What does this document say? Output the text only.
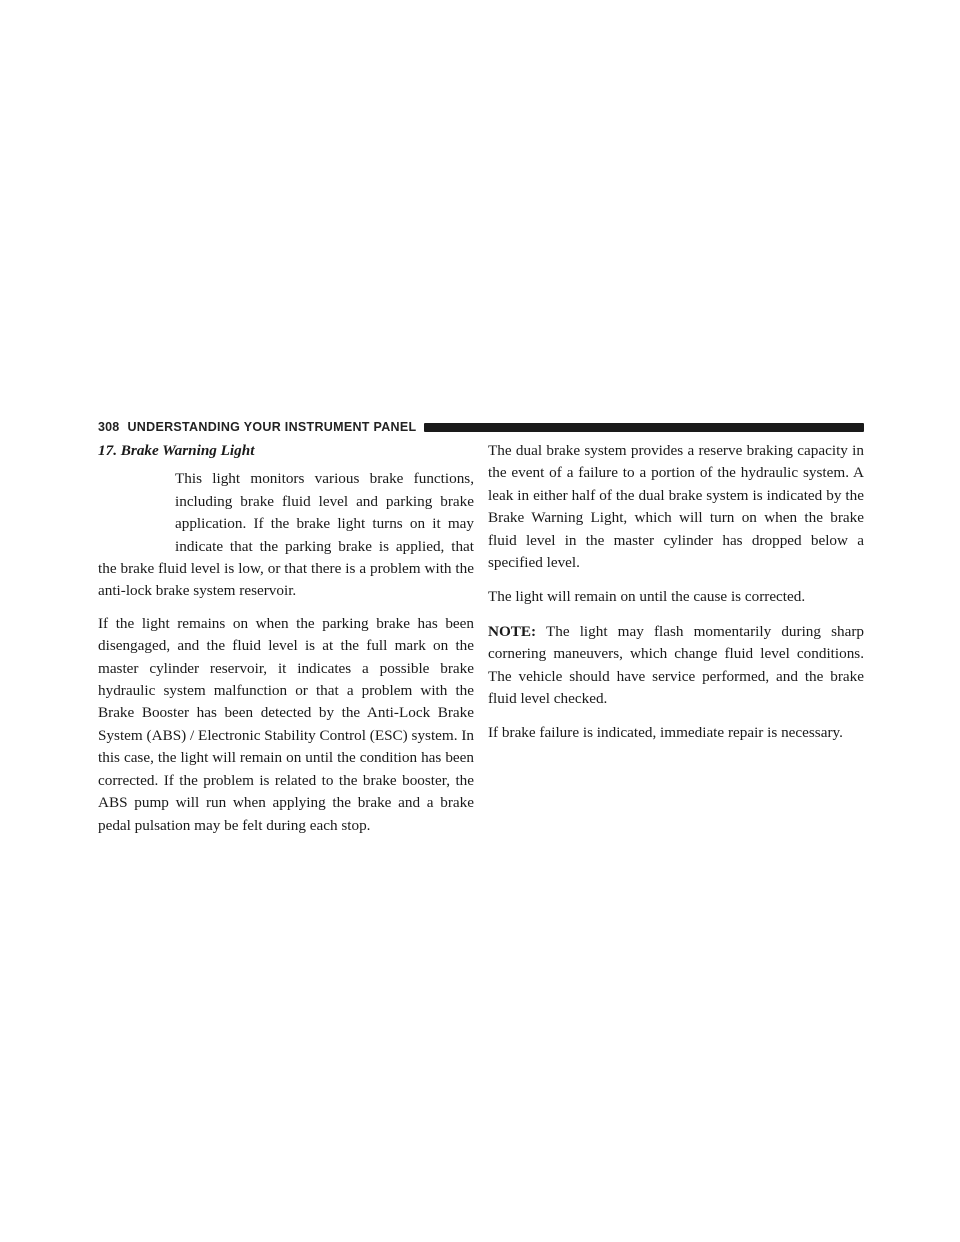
308 UNDERSTANDING YOUR INSTRUMENT PANEL
17. Brake Warning Light

This light monitors various brake functions, including brake fluid level and parking brake application. If the brake light turns on it may indicate that the parking brake is applied, that the brake fluid level is low, or that there is a problem with the anti-lock brake system reservoir.

If the light remains on when the parking brake has been disengaged, and the fluid level is at the full mark on the master cylinder reservoir, it indicates a possible brake hydraulic system malfunction or that a problem with the Brake Booster has been detected by the Anti-Lock Brake System (ABS) / Electronic Stability Control (ESC) system. In this case, the light will remain on until the condition has been corrected. If the problem is related to the brake booster, the ABS pump will run when applying the brake and a brake pedal pulsation may be felt during each stop.

The dual brake system provides a reserve braking capacity in the event of a failure to a portion of the hydraulic system. A leak in either half of the dual brake system is indicated by the Brake Warning Light, which will turn on when the brake fluid level in the master cylinder has dropped below a specified level.

The light will remain on until the cause is corrected.

NOTE: The light may flash momentarily during sharp cornering maneuvers, which change fluid level conditions. The vehicle should have service performed, and the brake fluid level checked.

If brake failure is indicated, immediate repair is necessary.
